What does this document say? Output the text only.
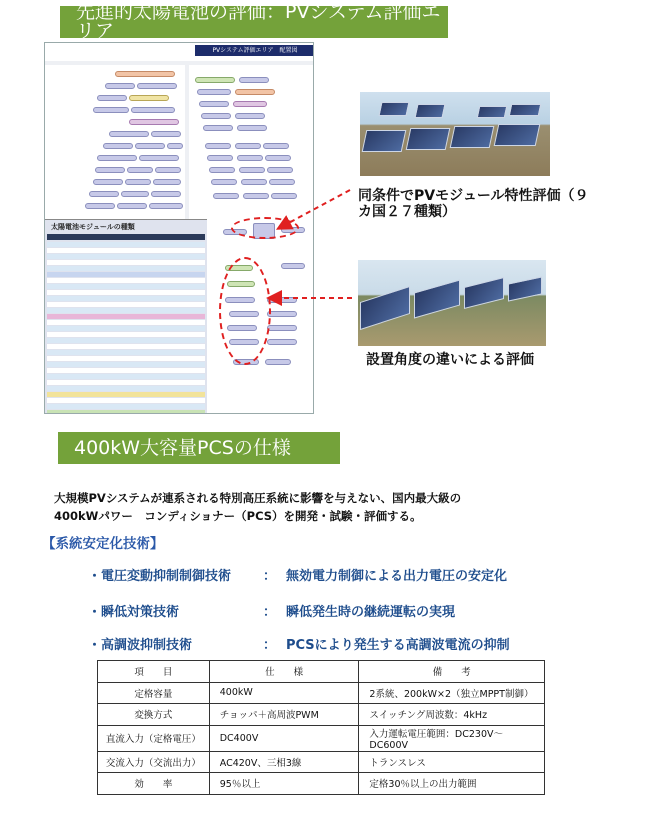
先進的太陽電池の評価：PVシステム評価エリア
PVシステム評価エリア　配置図
太陽電池モジュールの種類
同条件でPVモジュール特性評価（９カ国２７種類）
設置角度の違いによる評価
400kW大容量PCSの仕様
大規模PVシステムが連系される特別高圧系統に影響を与えない、国内最大級の
400kWパワー　コンディショナー（PCS）を開発・試験・評価する。
【系統安定化技術】
・電圧変動抑制制御技術 ： 無効電力制御による出力電圧の安定化
・瞬低対策技術	： 瞬低発生時の継続運転の実現
・高調波抑制技術	： PCSにより発生する高調波電流の抑制
項　　目	仕　　様	備　　考
定格容量	400kW	2系統、200kW×2（独立MPPT制御）
変換方式	チョッパ＋高周波PWM	スイッチング周波数：4kHz
直流入力（定格電圧）	DC400V	入力運転電圧範囲：DC230V～DC600V
交流入力（交流出力）	AC420V、三相3線	トランスレス
効　　率	95％以上	定格30％以上の出力範囲
